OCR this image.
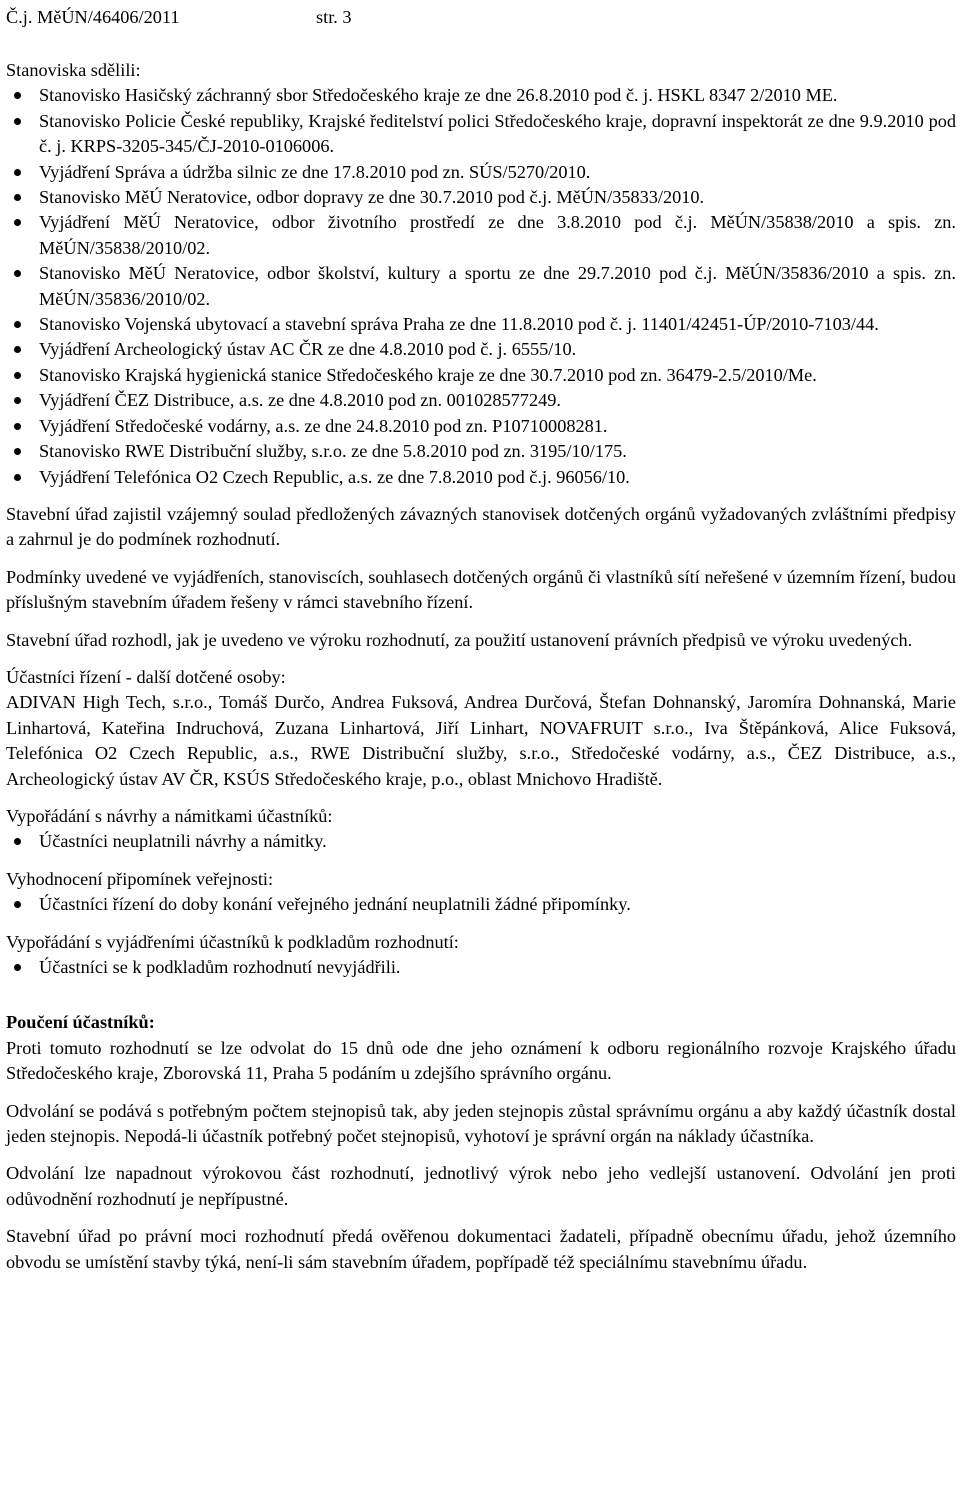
Č.j. MěÚN/46406/2011	str. 3

Stanoviska sdělili:

Stanovisko Hasičský záchranný sbor Středočeského kraje ze dne 26.8.2010 pod č. j. HSKL 8347 2/2010 ME.
Stanovisko Policie České republiky, Krajské ředitelství polici Středočeského kraje, dopravní inspektorát ze dne 9.9.2010 pod č. j. KRPS-3205-345/ČJ-2010-0106006.
Vyjádření Správa a údržba silnic ze dne 17.8.2010 pod zn. SÚS/5270/2010.
Stanovisko MěÚ Neratovice, odbor dopravy ze dne 30.7.2010 pod č.j. MěÚN/35833/2010.
Vyjádření MěÚ Neratovice, odbor životního prostředí ze dne 3.8.2010 pod č.j. MěÚN/35838/2010 a spis. zn. MěÚN/35838/2010/02.
Stanovisko MěÚ Neratovice, odbor školství, kultury a sportu ze dne 29.7.2010 pod č.j. MěÚN/35836/2010 a spis. zn. MěÚN/35836/2010/02.
Stanovisko Vojenská ubytovací a stavební správa Praha ze dne 11.8.2010 pod č. j. 11401/42451-ÚP/2010-7103/44.
Vyjádření Archeologický ústav AC ČR ze dne 4.8.2010 pod č. j. 6555/10.
Stanovisko Krajská hygienická stanice Středočeského kraje ze dne 30.7.2010 pod zn. 36479-2.5/2010/Me.
Vyjádření ČEZ Distribuce, a.s. ze dne 4.8.2010 pod zn. 001028577249.
Vyjádření Středočeské vodárny, a.s. ze dne 24.8.2010 pod zn. P10710008281.
Stanovisko RWE Distribuční služby, s.r.o. ze dne 5.8.2010 pod zn. 3195/10/175.
Vyjádření Telefónica O2 Czech Republic, a.s. ze dne 7.8.2010 pod č.j. 96056/10.

Stavební úřad zajistil vzájemný soulad předložených závazných stanovisek dotčených orgánů vyžadovaných zvláštními předpisy a zahrnul je do podmínek rozhodnutí.

Podmínky uvedené ve vyjádřeních, stanoviscích, souhlasech dotčených orgánů či vlastníků sítí neřešené v územním řízení, budou příslušným stavebním úřadem řešeny v rámci stavebního řízení.

Stavební úřad rozhodl, jak je uvedeno ve výroku rozhodnutí, za použití ustanovení právních předpisů ve výroku uvedených.

Účastníci řízení - další dotčené osoby:

ADIVAN High Tech, s.r.o., Tomáš Durčo, Andrea Fuksová, Andrea Durčová, Štefan Dohnanský, Jaromíra Dohnanská, Marie Linhartová, Kateřina Indruchová, Zuzana Linhartová, Jiří Linhart, NOVAFRUIT s.r.o., Iva Štěpánková, Alice Fuksová, Telefónica O2 Czech Republic, a.s., RWE Distribuční služby, s.r.o., Středočeské vodárny, a.s., ČEZ Distribuce, a.s., Archeologický ústav AV ČR, KSÚS Středočeského kraje, p.o., oblast Mnichovo Hradiště.

Vypořádání s návrhy a námitkami účastníků:

Účastníci neuplatnili návrhy a námitky.

Vyhodnocení připomínek veřejnosti:

Účastníci řízení do doby konání veřejného jednání neuplatnili žádné připomínky.

Vypořádání s vyjádřeními účastníků k podkladům rozhodnutí:

Účastníci se k podkladům rozhodnutí nevyjádřili.

Poučení účastníků:

Proti tomuto rozhodnutí se lze odvolat do 15 dnů ode dne jeho oznámení k odboru regionálního rozvoje Krajského úřadu Středočeského kraje, Zborovská 11, Praha 5 podáním u zdejšího správního orgánu.

Odvolání se podává s potřebným počtem stejnopisů tak, aby jeden stejnopis zůstal správnímu orgánu a aby každý účastník dostal jeden stejnopis. Nepodá-li účastník potřebný počet stejnopisů, vyhotoví je správní orgán na náklady účastníka.

Odvolání lze napadnout výrokovou část rozhodnutí, jednotlivý výrok nebo jeho vedlejší ustanovení. Odvolání jen proti odůvodnění rozhodnutí je nepřípustné.

Stavební úřad po právní moci rozhodnutí předá ověřenou dokumentaci žadateli, případně obecnímu úřadu, jehož územního obvodu se umístění stavby týká, není-li sám stavebním úřadem, popřípadě též speciálnímu stavebnímu úřadu.
